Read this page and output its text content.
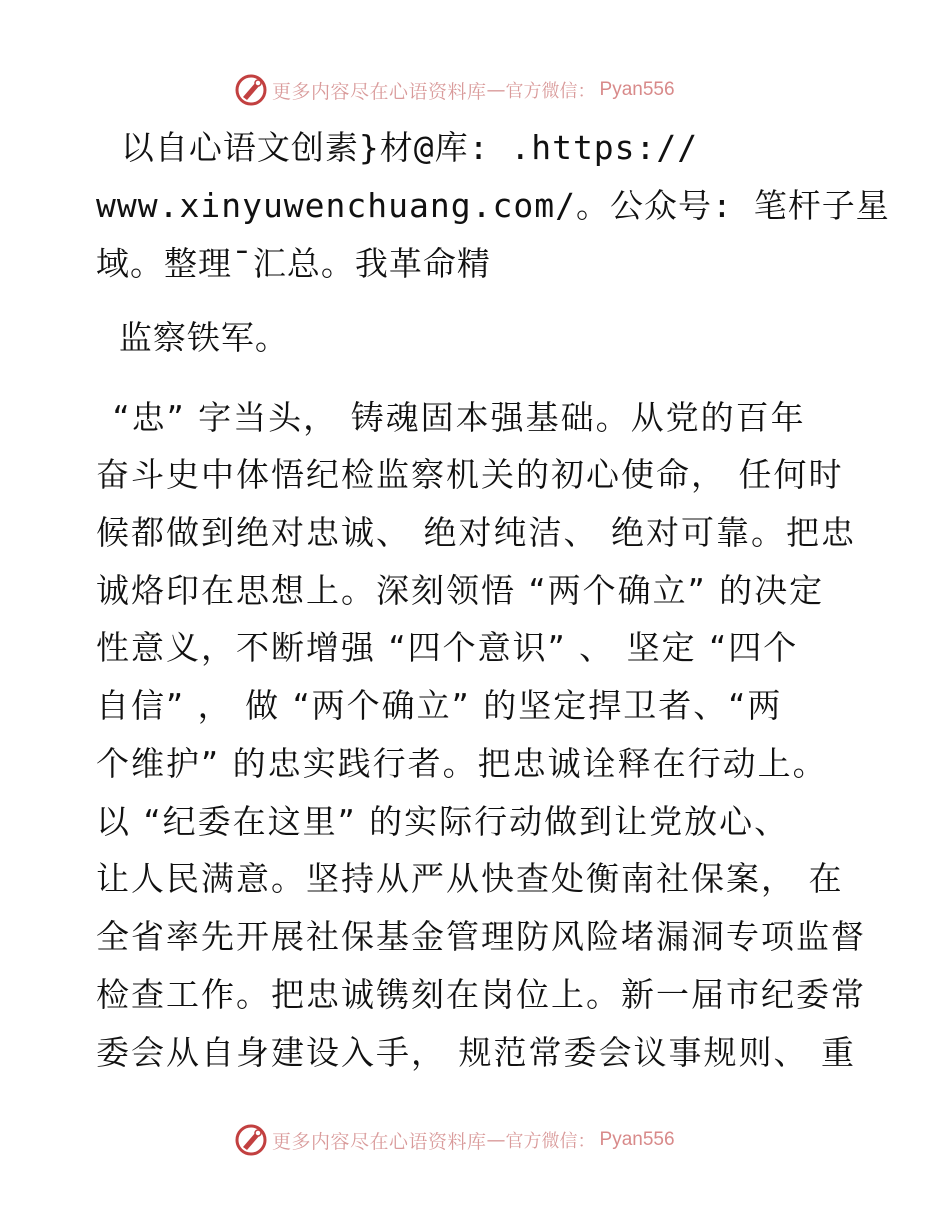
更多内容尽在心语资料库 — 官方微信： Pyan556
以自心语文创素}材@库: .https://
www.xinyuwenchuang.com/。公众号: 笔杆子星
域。整理¯汇总。我革命精
监察铁军。
“忠” 字当头， 铸魂固本强基础。从党的百年
奋斗史中体悟纪检监察机关的初心使命， 任何时
候都做到绝对忠诚、 绝对纯洁、 绝对可靠。把忠
诚烙印在思想上。深刻领悟 “两个确立” 的决定
性意义，不断增强 “四个意识” 、 坚定 “四个
自信” ， 做 “两个确立” 的坚定捍卫者、“两
个维护” 的忠实践行者。把忠诚诠释在行动上。
以 “纪委在这里” 的实际行动做到让党放心、
让人民满意。坚持从严从快查处衡南社保案， 在
全省率先开展社保基金管理防风险堵漏洞专项监督
检查工作。把忠诚镌刻在岗位上。新一届市纪委常
委会从自身建设入手， 规范常委会议事规则、 重
更多内容尽在心语资料库 — 官方微信： Pyan556
